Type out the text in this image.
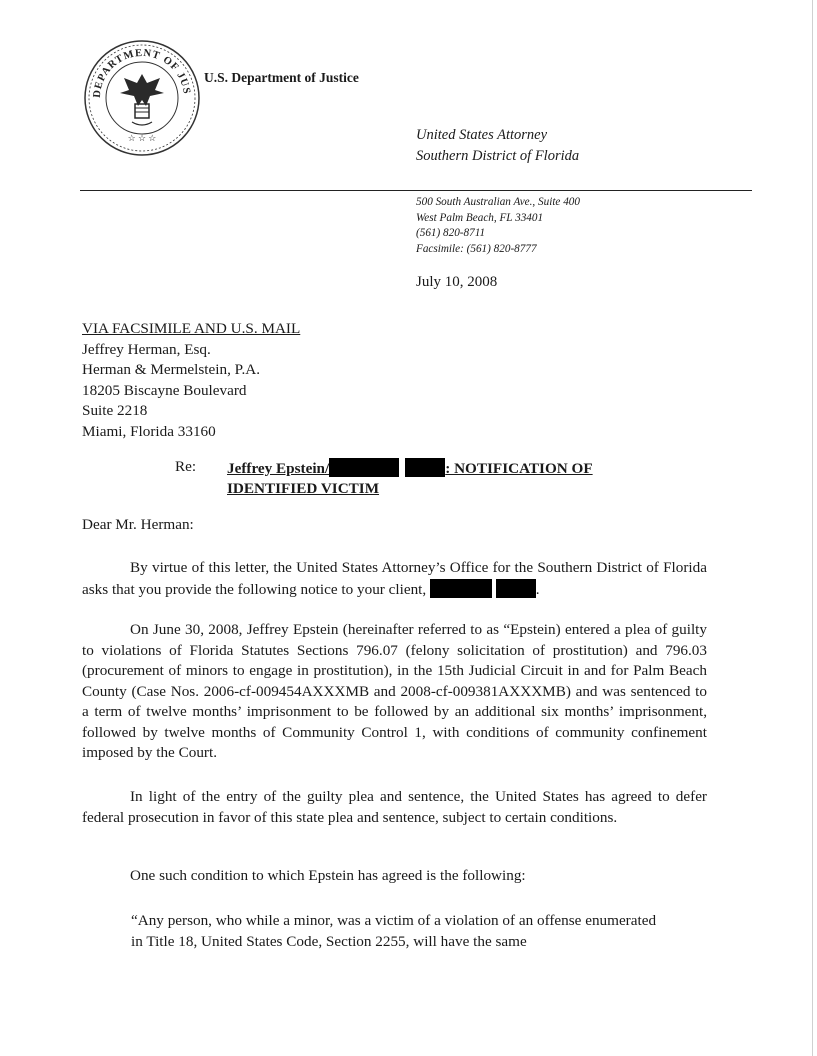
DEPARTMENT OF JUS
☆ ☆ ☆
U.S. Department of Justice
United States Attorney
Southern District of Florida
500 South Australian Ave., Suite 400
West Palm Beach, FL 33401
(561) 820-8711
Facsimile: (561) 820-8777
July 10, 2008
VIA FACSIMILE AND U.S. MAIL
Jeffrey Herman, Esq.
Herman & Mermelstein, P.A.
18205 Biscayne Boulevard
Suite 2218
Miami, Florida 33160
Re: Jeffrey Epstein/	: NOTIFICATION OF
IDENTIFIED VICTIM
Dear Mr. Herman:

By virtue of this letter, the United States Attorney’s Office for the Southern District of Florida asks that you provide the following notice to your client,	.

On June 30, 2008, Jeffrey Epstein (hereinafter referred to as “Epstein) entered a plea of guilty to violations of Florida Statutes Sections 796.07 (felony solicitation of prostitution) and 796.03 (procurement of minors to engage in prostitution), in the 15th Judicial Circuit in and for Palm Beach County (Case Nos. 2006-cf-009454AXXXMB and 2008-cf-009381AXXXMB) and was sentenced to a term of twelve months’ imprisonment to be followed by an additional six months’ imprisonment, followed by twelve months of Community Control 1, with conditions of community confinement imposed by the Court.

In light of the entry of the guilty plea and sentence, the United States has agreed to defer federal prosecution in favor of this state plea and sentence, subject to certain conditions.

One such condition to which Epstein has agreed is the following:

“Any person, who while a minor, was a victim of a violation of an offense enumerated in Title 18, United States Code, Section 2255, will have the same
